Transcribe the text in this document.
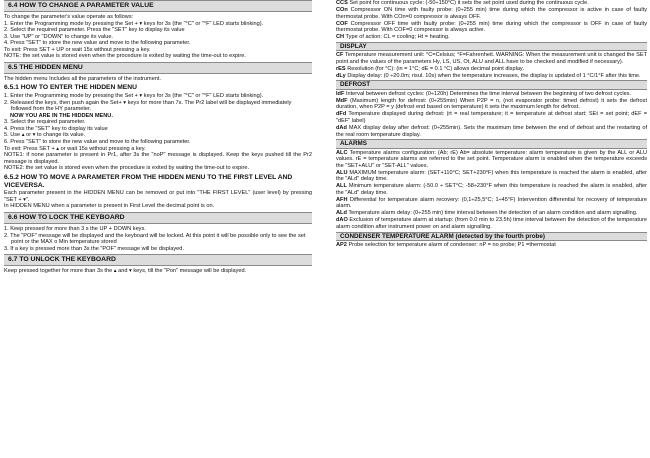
6.4 HOW TO CHANGE A PARAMETER VALUE

To change the parameter's value operate as follows:

1. Enter the Programming mode by pressing the Set + ▾ keys for 3s (the "°C" or "°F" LED starts blinking).
2. Select the required parameter. Press the "SET" key to display its value
3. Use "UP" or "DOWN" to change its value.
4. Press "SET" to store the new value and move to the following parameter.

To exit: Press SET + UP or wait 15s without pressing a key.

NOTE: the set value is stored even when the procedure is exited by waiting the time-out to expire.

6.5 THE HIDDEN MENU

The hidden menu Includes all the parameters of the instrument.

6.5.1 HOW TO ENTER THE HIDDEN MENU
1. Enter the Programming mode by pressing the Set + ▾ keys for 3s (the "°C" or "°F" LED starts blinking).
2. Released the keys, then push again the Set+ ▾ keys for more than 7s. The Pr2 label will be displayed immediately followed from the HY parameter.
NOW YOU ARE IN THE HIDDEN MENU.
3. Select the required parameter.
4. Press the "SET" key to display its value
5. Use ▴ or ▾ to change its value.
6. Press "SET" to store the new value and move to the following parameter.

To exit: Press SET + ▴ or wait 15s without pressing a key.

NOTE1: if none parameter is present in Pr1, after 3s the "noP" message is displayed. Keep the keys pushed till the Pr2 message is displayed.

NOTE2: the set value is stored even when the procedure is exited by waiting the time-out to expire.

6.5.2 HOW TO MOVE A PARAMETER FROM THE HIDDEN MENU TO THE FIRST LEVEL AND VICEVERSA.

Each parameter present in the HIDDEN MENU can be removed or put into "THE FIRST LEVEL" (user level) by pressing "SET + ▾".

In HIDDEN MENU when a parameter is present in First Level the decimal point is on.

6.6 HOW TO LOCK THE KEYBOARD
1. Keep pressed for more than 3 s the UP + DOWN keys.
2. The "POF" message will be displayed and the keyboard will be locked. At this point it will be possible only to see the set point or the MAX o Min temperature stored
3. If a key is pressed more than 3s the "POF" message will be displayed.
6.7 TO UNLOCK THE KEYBOARD

Keep pressed together for more than 3s the ▴ and ▾ keys, till the "Pon" message will be displayed.

CCS Set point for continuous cycle: (-50÷150°C) it sets the set point used during the continuous cycle.
COn Compressor ON time with faulty probe: (0÷255 min) time during which the compressor is active in case of faulty thermostat probe. With COn=0 compressor is always OFF.
COF Compressor OFF time with faulty probe: (0÷255 min) time during which the compressor is OFF in case of faulty thermostat probe. With COF=0 compressor is always active.
CH Type of action: CL = cooling; Ht = heating.
DISPLAY
CF Temperature measurement unit: °C=Celsius; °F=Fahrenheit. WARNING: When the measurement unit is changed the SET point and the values of the parameters Hy, LS, US, Ot, ALU and ALL have to be checked and modified if necessary).
rES Resolution (for °C): (in = 1°C; dE = 0.1 °C) allows decimal point display.
dLy Display delay: (0 ÷20.0m; risul. 10s) when the temperature increases, the display is updated of 1 °C/1°F after this time.
DEFROST
IdF Interval between defrost cycles: (0÷120h) Determines the time interval between the beginning of two defrost cycles.
MdF (Maximum) length for defrost: (0÷255min) When P2P = n, (not evaporator probe: timed defrost) it sets the defrost duration, when P2P = y (defrost end based on temperature) it sets the maximum length for defrost.
dFd Temperature displayed during defrost: (rt = real temperature; it = temperature at defrost start; SEt = set point; dEF = "dEF" label)
dAd MAX display delay after defrost: (0÷255min). Sets the maximum time between the end of defrost and the restarting of the real room temperature display.
ALARMS
ALC Temperature alarms configuration: (Ab; rE) Ab= absolute temperature: alarm temperature is given by the ALL or ALU values. rE = temperature alarms are referred to the set point. Temperature alarm is enabled when the temperature exceeds the "SET+ALU" or "SET-ALL" values.
ALU MAXIMUM temperature alarm: (SET+110°C; SET+230°F) when this temperature is reached the alarm is enabled, after the "ALd" delay time.
ALL Minimum temperature alarm: (-50.0 ÷ SET°C; -58÷230°F when this temperature is reached the alarm is enabled, after the "ALd" delay time.
AFH Differential for temperature alarm recovery: (0,1÷25,5°C; 1÷45°F) Intervention differential for recovery of temperature alarm.
ALd Temperature alarm delay: (0÷255 min) time interval between the detection of an alarm condition and alarm signalling.
dAO Exclusion of temperature alarm at startup: (from 0.0 min to 23.5h) time interval between the detection of the temperature alarm condition after instrument power on and alarm signalling.
CONDENSER TEMPERATURE ALARM (detected by the fourth probe)
AP2 Probe selection for temperature alarm of condenser: nP = no probe; P1 =thermostat
